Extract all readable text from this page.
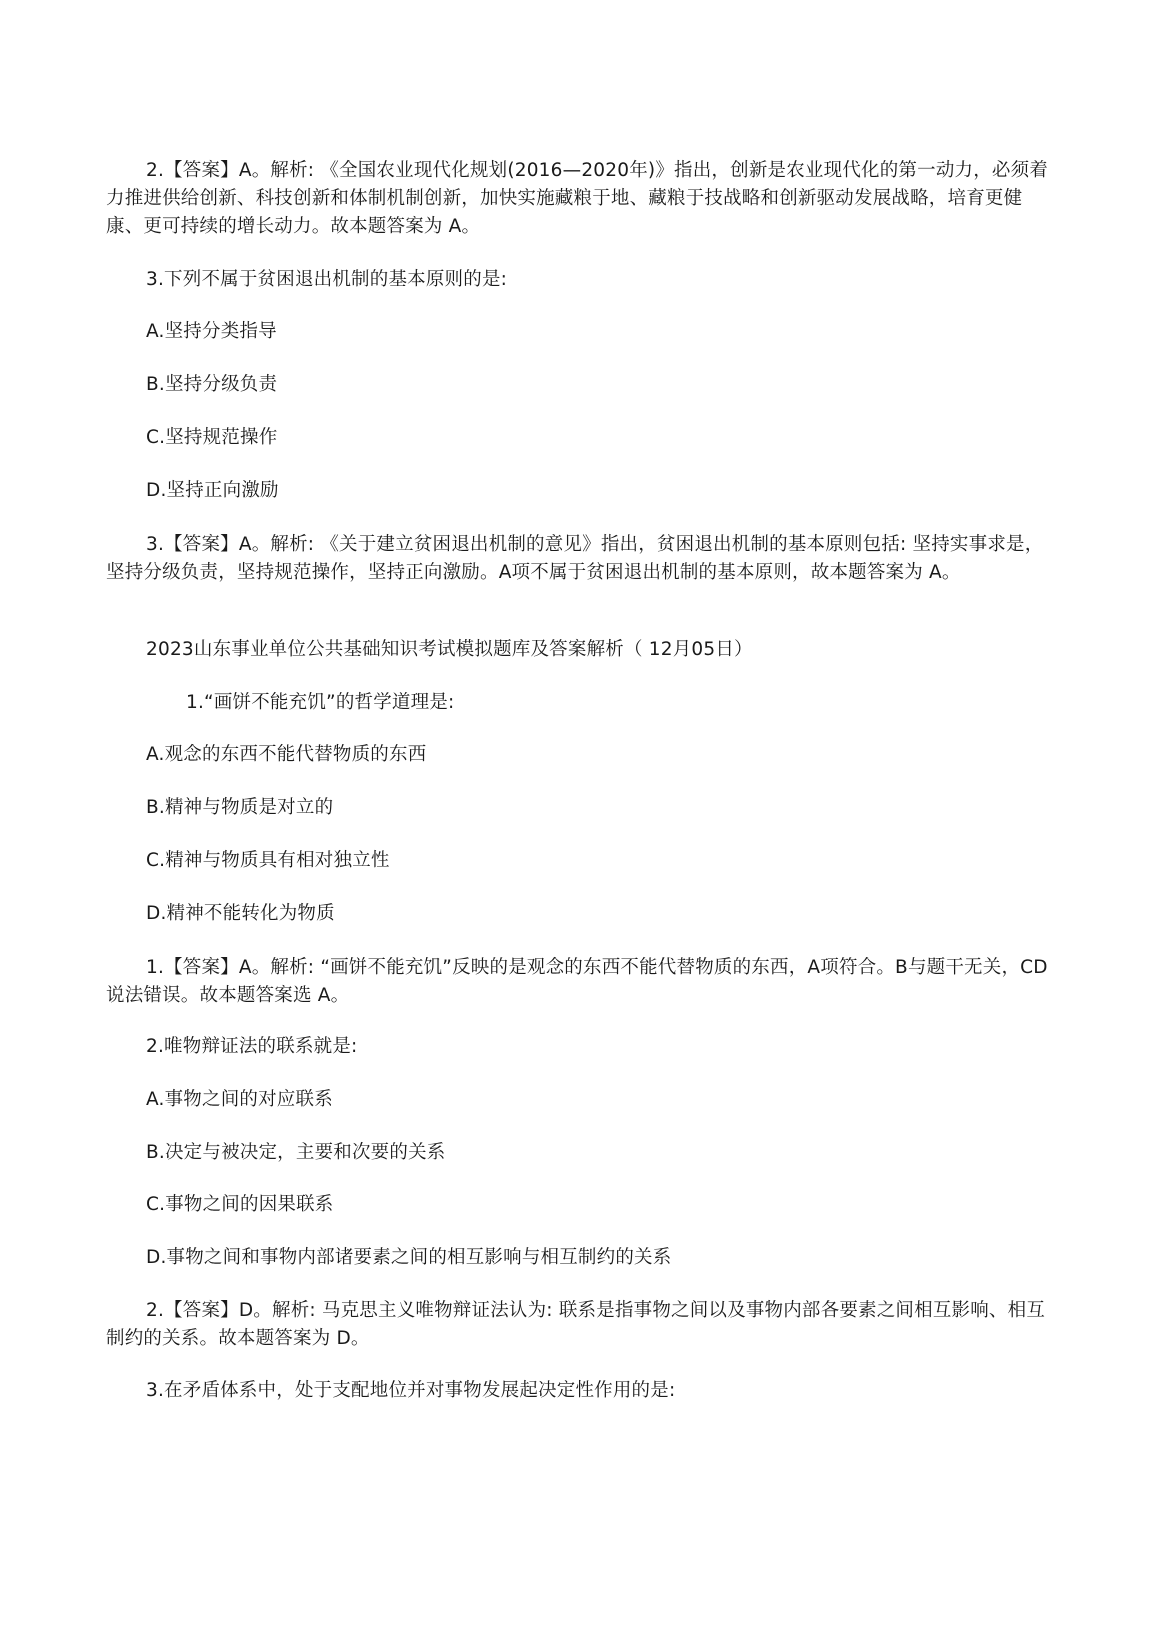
2.【答案】A。解析: 《全国农业现代化规划(2016—2020年)》指出，创新是农业现代化的第一动力，必须着力推进供给创新、科技创新和体制机制创新，加快实施藏粮于地、藏粮于技战略和创新驱动发展战略，培育更健康、更可持续的增长动力。故本题答案为 A。

3.下列不属于贫困退出机制的基本原则的是:

A.坚持分类指导

B.坚持分级负责

C.坚持规范操作

D.坚持正向激励

3.【答案】A。解析: 《关于建立贫困退出机制的意见》指出，贫困退出机制的基本原则包括: 坚持实事求是，坚持分级负责，坚持规范操作，坚持正向激励。A项不属于贫困退出机制的基本原则，故本题答案为 A。

2023山东事业单位公共基础知识考试模拟题库及答案解析（ 12月05日）

1.“画饼不能充饥”的哲学道理是:

A.观念的东西不能代替物质的东西

B.精神与物质是对立的

C.精神与物质具有相对独立性

D.精神不能转化为物质

1.【答案】A。解析: “画饼不能充饥”反映的是观念的东西不能代替物质的东西，A项符合。B与题干无关，CD说法错误。故本题答案选 A。

2.唯物辩证法的联系就是:

A.事物之间的对应联系

B.决定与被决定，主要和次要的关系

C.事物之间的因果联系

D.事物之间和事物内部诸要素之间的相互影响与相互制约的关系

2.【答案】D。解析: 马克思主义唯物辩证法认为: 联系是指事物之间以及事物内部各要素之间相互影响、相互制约的关系。故本题答案为 D。

3.在矛盾体系中，处于支配地位并对事物发展起决定性作用的是:
